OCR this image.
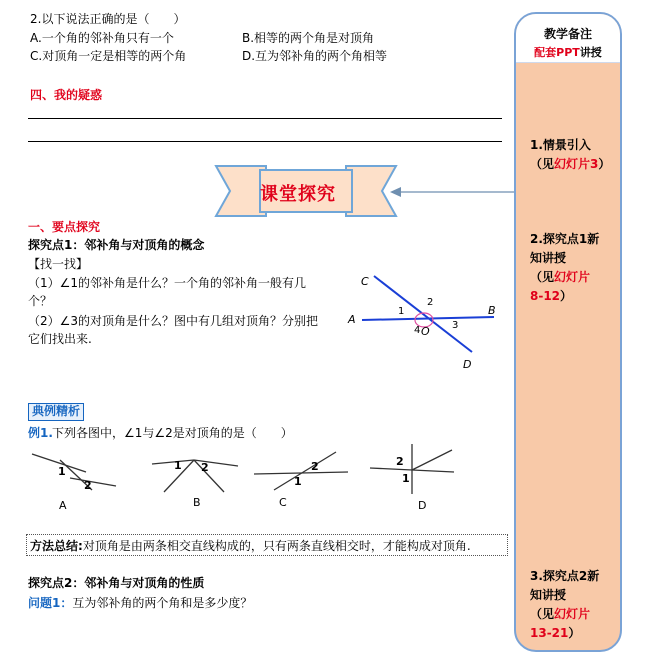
2.以下说法正确的是（　　）
A.一个角的邻补角只有一个	B.相等的两个角是对顶角
C.对顶角一定是相等的两个角	D.互为邻补角的两个角相等
四、我的疑惑
课堂探究
一、要点探究
探究点1：邻补角与对顶角的概念
【找一找】
（1）∠1的邻补角是什么？一个角的邻补角一般有几
个？
（2）∠3的对顶角是什么？图中有几组对顶角？分别把
它们找出来.
C
A
B
D
1
2
3
4 O
典例精析
例1. 下列各图中，∠1与∠2是对顶角的是（　　）
1
2
A
1 2
B
1
2
C
2
1
D
方法总结:对顶角是由两条相交直线构成的，只有两条直线相交时，才能构成对顶角.
探究点2：邻补角与对顶角的性质
问题1：互为邻补角的两个角和是多少度？
教学备注
配套PPT讲授
1.情景引入
（见幻灯片3）
2.探究点1新
知讲授
（见幻灯片
8-12）
3.探究点2新
知讲授
（见幻灯片
13-21）
